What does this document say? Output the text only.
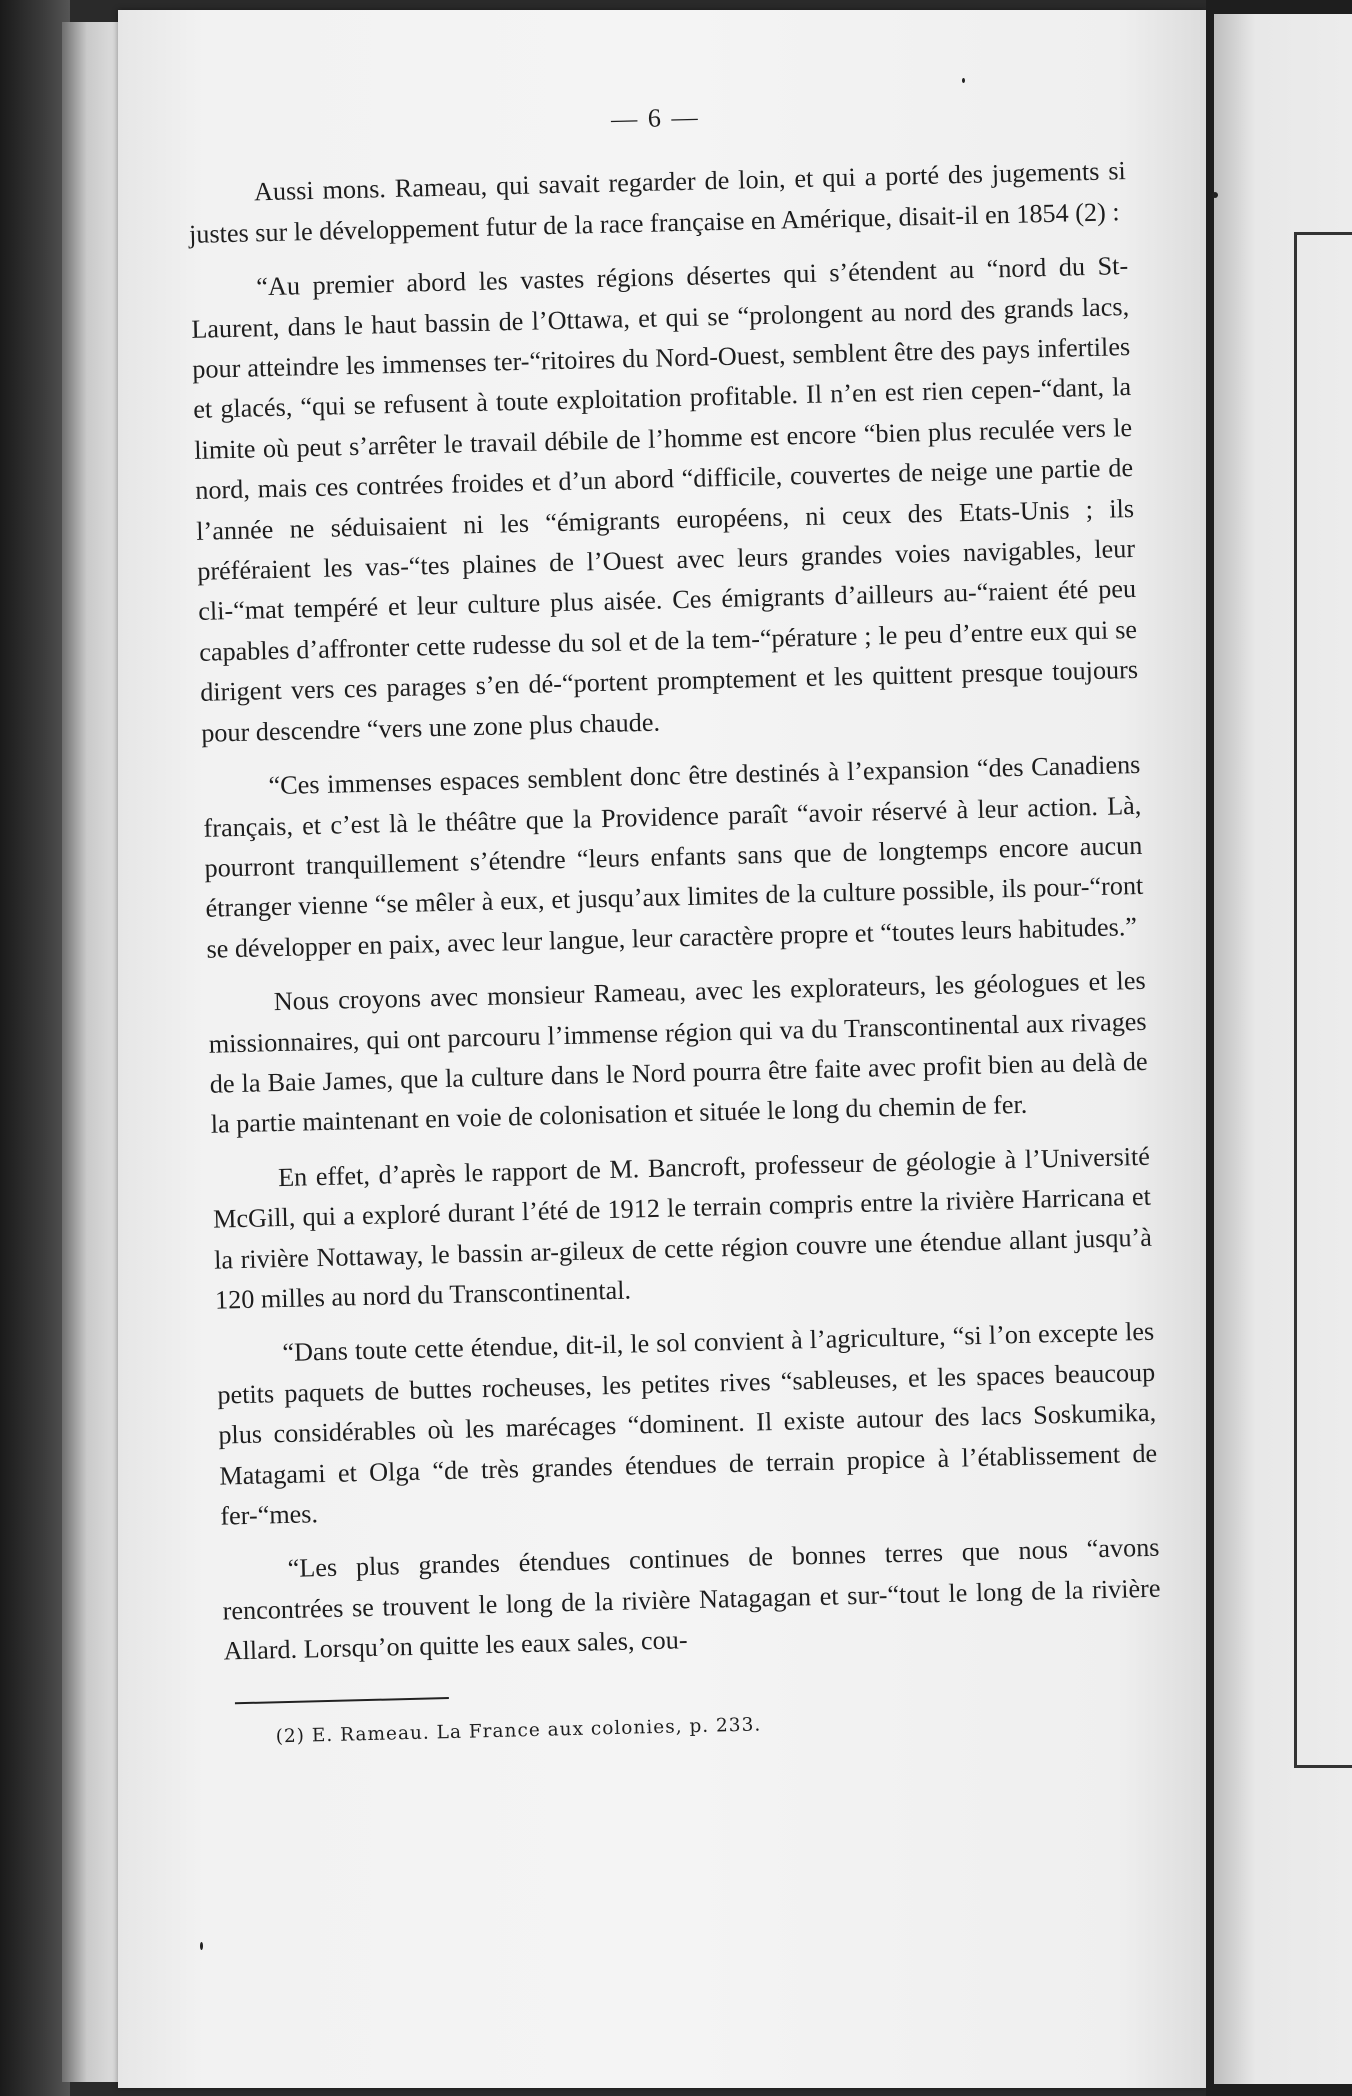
— 6 —

Aussi mons. Rameau, qui savait regarder de loin, et qui a porté des jugements si justes sur le développement futur de la race française en Amérique, disait-il en 1854 (2) :

“Au premier abord les vastes régions désertes qui s’étendent au “nord du St-Laurent, dans le haut bassin de l’Ottawa, et qui se “prolongent au nord des grands lacs, pour atteindre les immenses ter-“ritoires du Nord-Ouest, semblent être des pays infertiles et glacés, “qui se refusent à toute exploitation profitable. Il n’en est rien cepen-“dant, la limite où peut s’arrêter le travail débile de l’homme est encore “bien plus reculée vers le nord, mais ces contrées froides et d’un abord “difficile, couvertes de neige une partie de l’année ne séduisaient ni les “émigrants européens, ni ceux des Etats-Unis ; ils préféraient les vas-“tes plaines de l’Ouest avec leurs grandes voies navigables, leur cli-“mat tempéré et leur culture plus aisée. Ces émigrants d’ailleurs au-“raient été peu capables d’affronter cette rudesse du sol et de la tem-“pérature ; le peu d’entre eux qui se dirigent vers ces parages s’en dé-“portent promptement et les quittent presque toujours pour descendre “vers une zone plus chaude.

“Ces immenses espaces semblent donc être destinés à l’expansion “des Canadiens français, et c’est là le théâtre que la Providence paraît “avoir réservé à leur action. Là, pourront tranquillement s’étendre “leurs enfants sans que de longtemps encore aucun étranger vienne “se mêler à eux, et jusqu’aux limites de la culture possible, ils pour-“ront se développer en paix, avec leur langue, leur caractère propre et “toutes leurs habitudes.”

Nous croyons avec monsieur Rameau, avec les explorateurs, les géologues et les missionnaires, qui ont parcouru l’immense région qui va du Transcontinental aux rivages de la Baie James, que la culture dans le Nord pourra être faite avec profit bien au delà de la partie maintenant en voie de colonisation et située le long du chemin de fer.

En effet, d’après le rapport de M. Bancroft, professeur de géologie à l’Université McGill, qui a exploré durant l’été de 1912 le terrain compris entre la rivière Harricana et la rivière Nottaway, le bassin ar-gileux de cette région couvre une étendue allant jusqu’à 120 milles au nord du Transcontinental.

“Dans toute cette étendue, dit-il, le sol convient à l’agriculture, “si l’on excepte les petits paquets de buttes rocheuses, les petites rives “sableuses, et les spaces beaucoup plus considérables où les marécages “dominent. Il existe autour des lacs Soskumika, Matagami et Olga “de très grandes étendues de terrain propice à l’établissement de fer-“mes.

“Les plus grandes étendues continues de bonnes terres que nous “avons rencontrées se trouvent le long de la rivière Natagagan et sur-“tout le long de la rivière Allard. Lorsqu’on quitte les eaux sales, cou-

(2) E. Rameau. La France aux colonies, p. 233.
